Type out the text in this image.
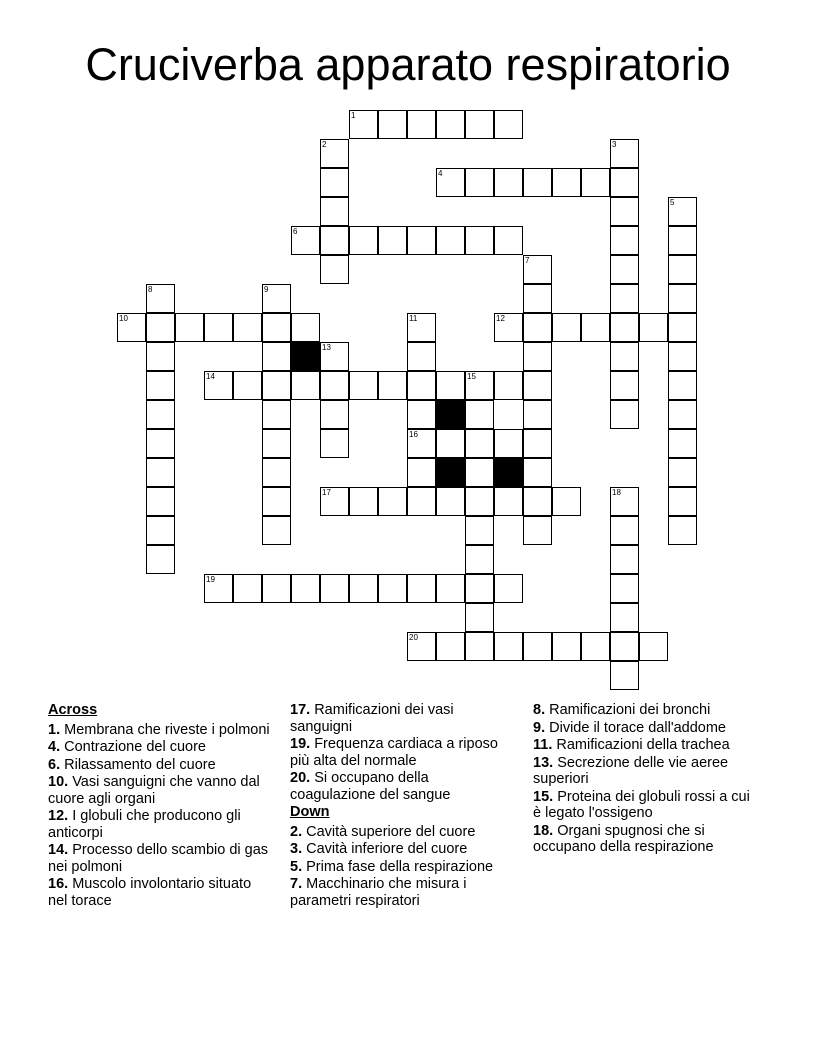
Cruciverba apparato respiratorio
1
4
6
10	12
14	15
16
17
19
20
2	3
5
7
8	9
11
13
18
Across
1. Membrana che riveste i polmoni
4. Contrazione del cuore
6. Rilassamento del cuore
10. Vasi sanguigni che vanno dal cuore agli organi
12. I globuli che producono gli anticorpi
14. Processo dello scambio di gas nei polmoni
16. Muscolo involontario situato nel torace
17. Ramificazioni dei vasi sanguigni
19. Frequenza cardiaca a riposo più alta del normale
20. Si occupano della coagulazione del sangue
Down
2. Cavità superiore del cuore
3. Cavità inferiore del cuore
5. Prima fase della respirazione
7. Macchinario che misura i parametri respiratori
8. Ramificazioni dei bronchi
9. Divide il torace dall'addome
11. Ramificazioni della trachea
13. Secrezione delle vie aeree superiori
15. Proteina dei globuli rossi a cui è legato l'ossigeno
18. Organi spugnosi che si occupano della respirazione
